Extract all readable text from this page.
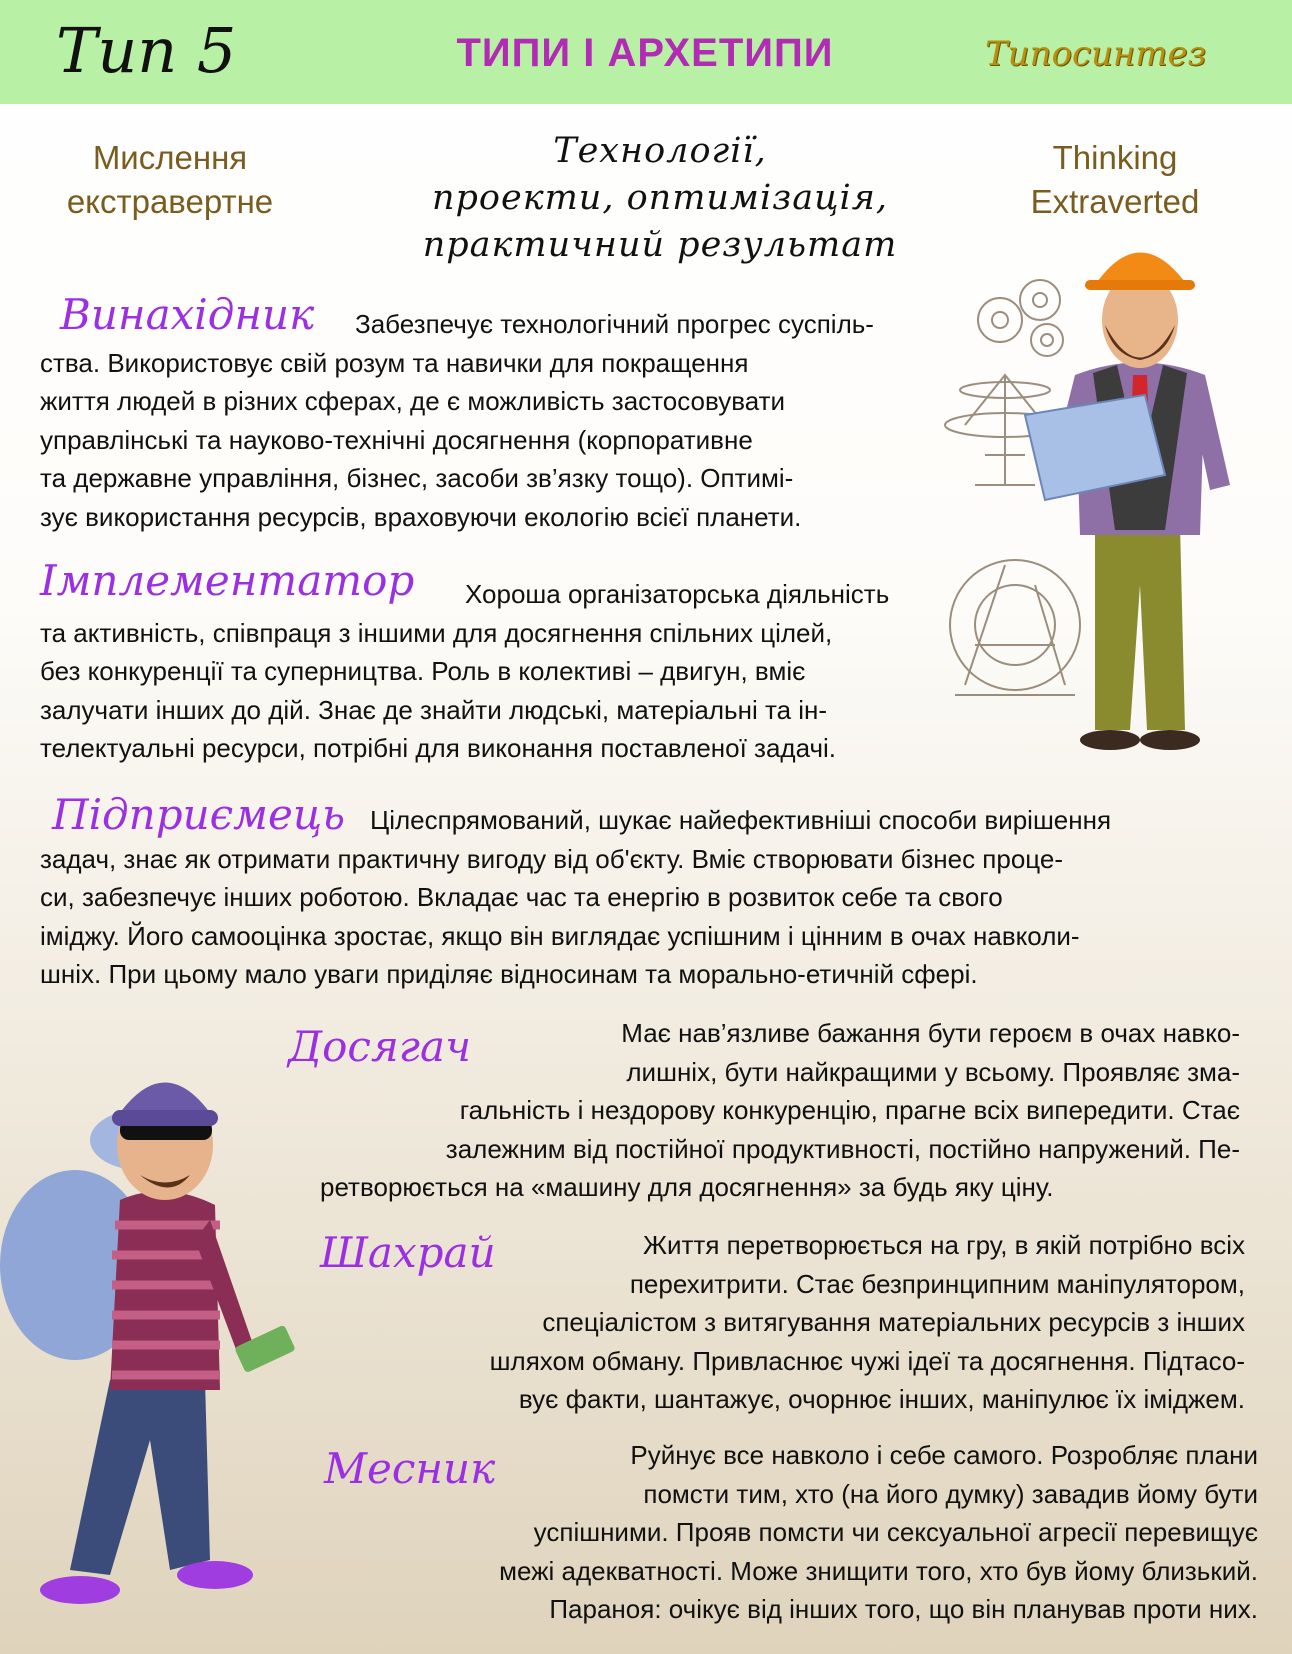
Тип 5	ТИПИ І АРХЕТИПИ	Типосинтез
Мислення
екстравертне
Thinking
Extraverted
Технології,
проекти, оптимізація,
практичний результат
Винахідник	Забезпечує технологічний прогрес суспіль-
ства. Використовує свій розум та навички для покращення
життя людей в різних сферах, де є можливість застосовувати
управлінські та науково-технічні досягнення (корпоративне
та державне управління, бізнес, засоби зв’язку тощо). Оптимі-
зує використання ресурсів, враховуючи екологію всієї планети.
Імплементатор	Хороша організаторська діяльність
та активність, співпраця з іншими для досягнення спільних цілей,
без конкуренції та суперництва. Роль в колективі – двигун, вміє
залучати інших до дій. Знає де знайти людські, матеріальні та ін-
телектуальні ресурси, потрібні для виконання поставленої задачі.
Підприємець Цілеспрямований, шукає найефективніші способи вирішення
задач, знає як отримати практичну вигоду від об'єкту. Вміє створювати бізнес проце-
си, забезпечує інших роботою. Вкладає час та енергію в розвиток себе та свого
іміджу. Його самооцінка зростає, якщо він виглядає успішним і цінним в очах навколи-
шніх. При цьому мало уваги приділяє відносинам та морально-етичній сфері.
Досягач	Має нав’язливе бажання бути героєм в очах навко-
лишніх, бути найкращими у всьому. Проявляє зма-
гальність і нездорову конкуренцію, прагне всіх випередити. Стає
залежним від постійної продуктивності, постійно напружений. Пе-
ретворюється на «машину для досягнення» за будь яку ціну.
Шахрай	Життя перетворюється на гру, в якій потрібно всіх
перехитрити. Стає безпринципним маніпулятором,
спеціалістом з витягування матеріальних ресурсів з інших
шляхом обману. Привласнює чужі ідеї та досягнення. Підтасо-
вує факти, шантажує, очорнює інших, маніпулює їх іміджем.
Месник	Руйнує все навколо і себе самого. Розробляє плани
помсти тим, хто (на його думку) завадив йому бути
успішними. Прояв помсти чи сексуальної агресії перевищує
межі адекватності. Може знищити того, хто був йому близький.
Параноя: очікує від інших того, що він планував проти них.
